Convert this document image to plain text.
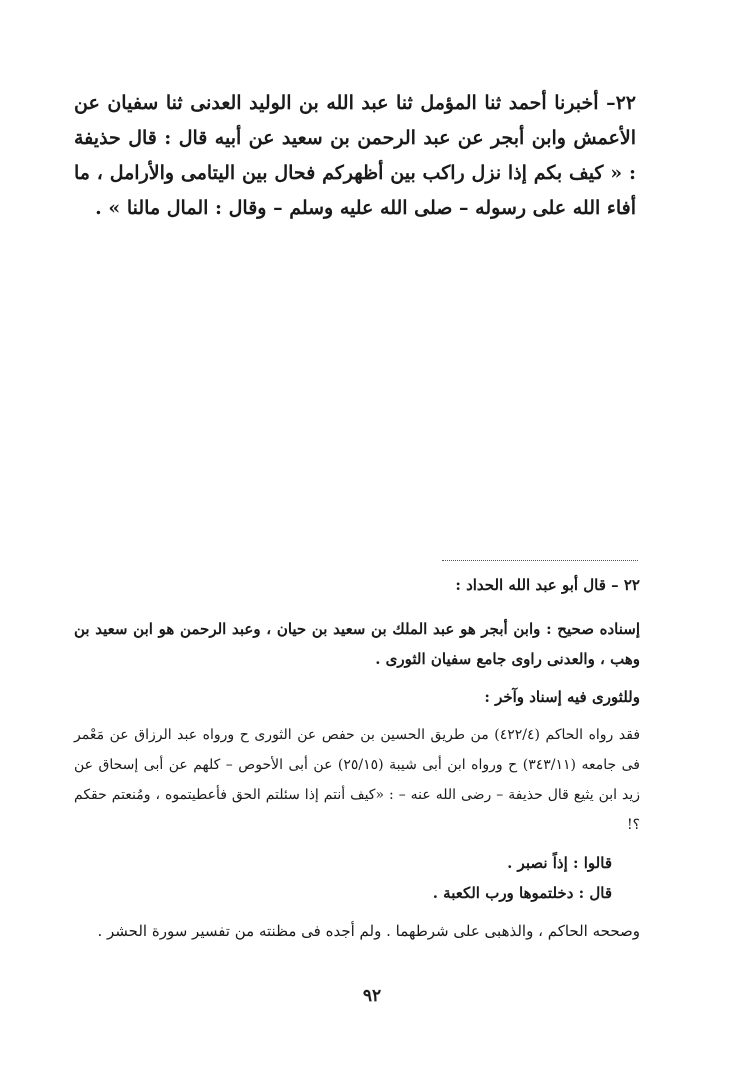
٢٢– أخبرنا أحمد ثنا المؤمل ثنا عبد الله بن الوليد العدنى ثنا سفيان عن الأعمش وابن أبجر عن عبد الرحمن بن سعيد عن أبيه قال : قال حذيفة : « كيف بكم إذا نزل راكب بين أظهركم فحال بين اليتامى والأرامل ، ما أفاء الله على رسوله – صلى الله عليه وسلم – وقال : المال مالنا » .

٢٢ – قال أبو عبد الله الحداد :

إسناده صحيح : وابن أبجر هو عبد الملك بن سعيد بن حيان ، وعبد الرحمن هو ابن سعيد بن وهب ، والعدنى راوى جامع سفيان الثورى .

وللثورى فيه إسناد وآخر :

فقد رواه الحاكم (٤٢٢/٤) من طريق الحسين بن حفص عن الثورى ح ورواه عبد الرزاق عن مَعْمر فى جامعه (٣٤٣/١١) ح ورواه ابن أبى شيبة (٢٥/١٥) عن أبى الأحوص – كلهم عن أبى إسحاق عن زيد ابن يثيع قال حذيفة – رضى الله عنه – : «كيف أنتم إذا سئلتم الحق فأعطيتموه ، ومُنعتم حقكم ؟!

قالوا : إذاً نصبر .

قال : دخلتموها ورب الكعبة .

وصححه الحاكم ، والذهبى على شرطهما . ولم أجده فى مظنته من تفسير سورة الحشر .

٩٢
